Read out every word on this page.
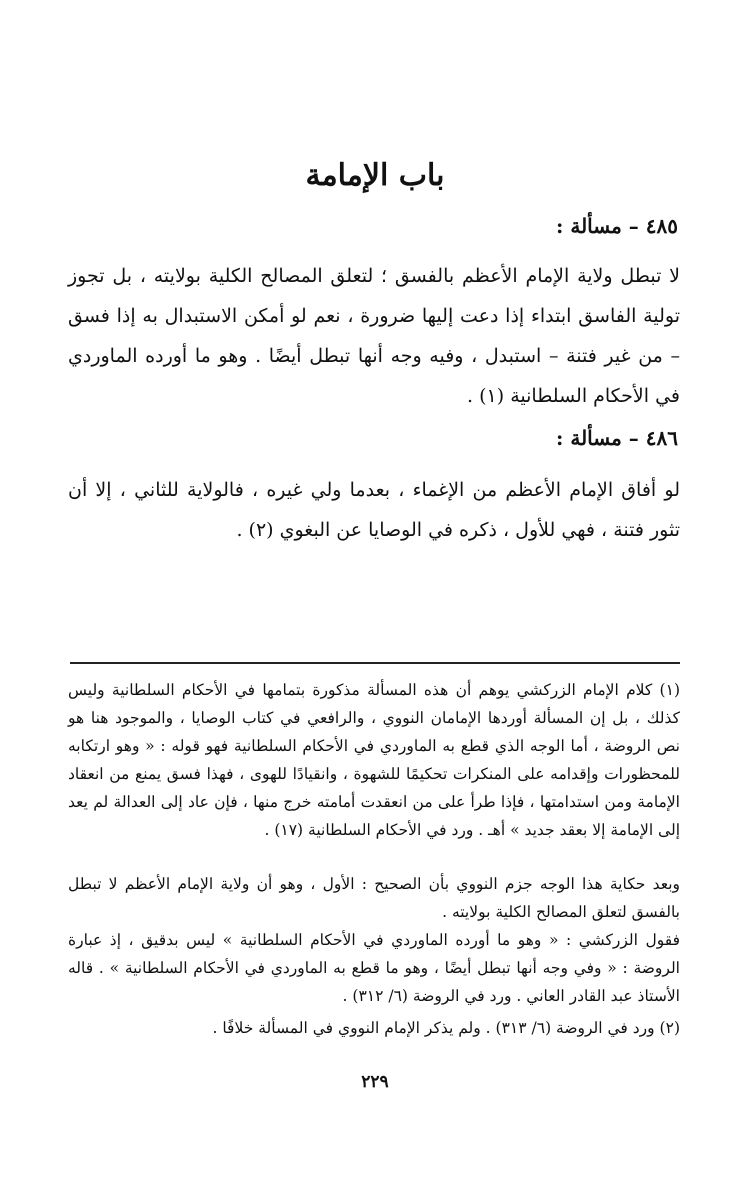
باب الإمامة
٤٨٥ – مسألة :

لا تبطل ولاية الإمام الأعظم بالفسق ؛ لتعلق المصالح الكلية بولايته ، بل تجوز تولية الفاسق ابتداء إذا دعت إليها ضرورة ، نعم لو أمكن الاستبدال به إذا فسق – من غير فتنة – استبدل ، وفيه وجه أنها تبطل أيضًا . وهو ما أورده الماوردي في الأحكام السلطانية (١) .

٤٨٦ – مسألة :

لو أفاق الإمام الأعظم من الإغماء ، بعدما ولي غيره ، فالولاية للثاني ، إلا أن تثور فتنة ، فهي للأول ، ذكره في الوصايا عن البغوي (٢) .

(١) كلام الإمام الزركشي يوهم أن هذه المسألة مذكورة بتمامها في الأحكام السلطانية وليس كذلك ، بل إن المسألة أوردها الإمامان النووي ، والرافعي في كتاب الوصايا ، والموجود هنا هو نص الروضة ، أما الوجه الذي قطع به الماوردي في الأحكام السلطانية فهو قوله : « وهو ارتكابه للمحظورات وإقدامه على المنكرات تحكيمًا للشهوة ، وانقيادًا للهوى ، فهذا فسق يمنع من انعقاد الإمامة ومن استدامتها ، فإذا طرأ على من انعقدت أمامته خرج منها ، فإن عاد إلى العدالة لم يعد إلى الإمامة إلا بعقد جديد » أهـ . ورد في الأحكام السلطانية (١٧) .

وبعد حكاية هذا الوجه جزم النووي بأن الصحيح : الأول ، وهو أن ولاية الإمام الأعظم لا تبطل بالفسق لتعلق المصالح الكلية بولايته .

فقول الزركشي : « وهو ما أورده الماوردي في الأحكام السلطانية » ليس بدقيق ، إذ عبارة الروضة : « وفي وجه أنها تبطل أيضًا ، وهو ما قطع به الماوردي في الأحكام السلطانية » . قاله الأستاذ عبد القادر العاني . ورد في الروضة (٦/ ٣١٢) .

(٢) ورد في الروضة (٦/ ٣١٣) . ولم يذكر الإمام النووي في المسألة خلافًا .

٢٢٩
